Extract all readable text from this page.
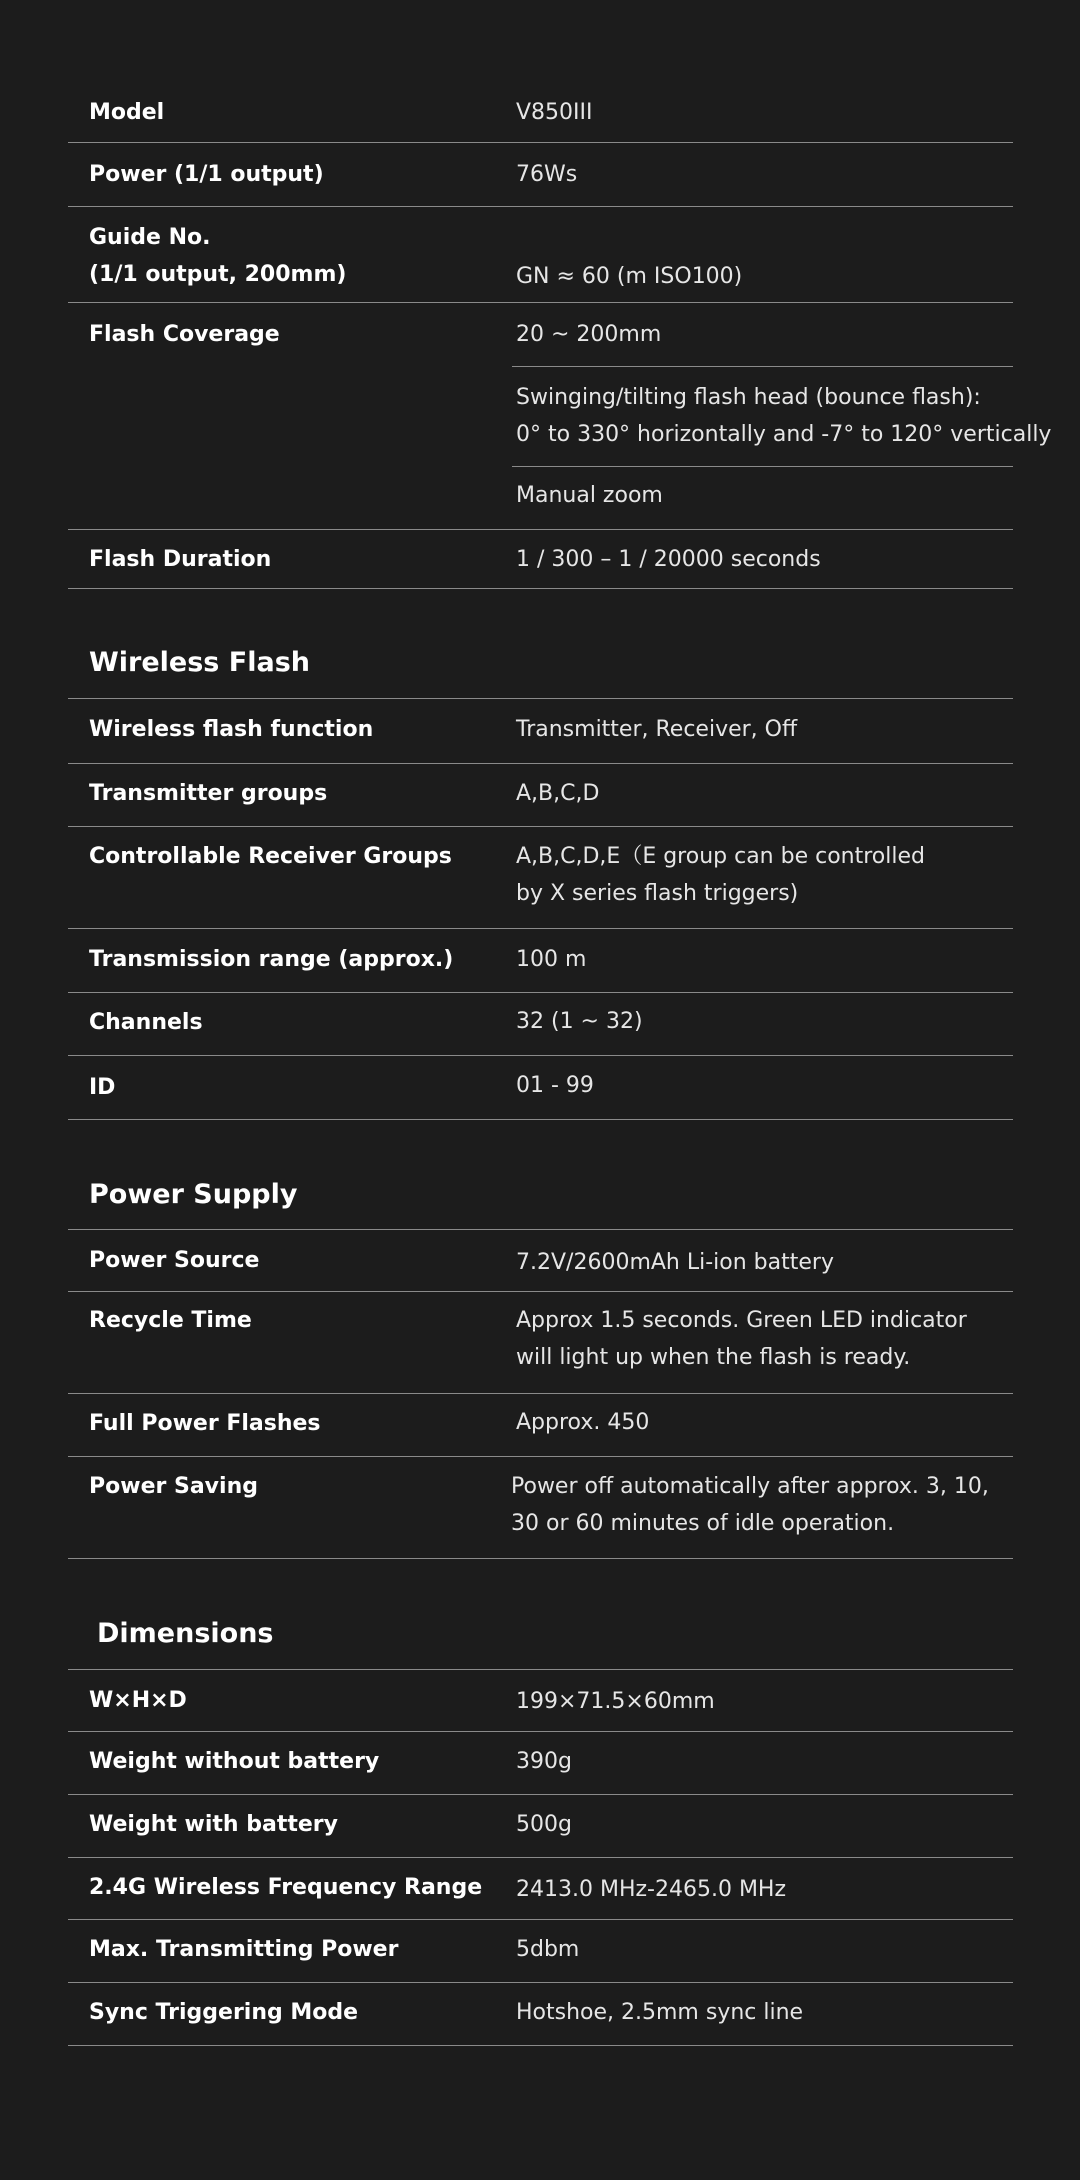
Model	V850III
Power (1/1 output)	76Ws
Guide No.
(1/1 output, 200mm)	GN ≈ 60 (m ISO100)
Flash Coverage	20 ~ 200mm
Swinging/tilting flash head (bounce flash):
0° to 330° horizontally and -7° to 120° vertically
Manual zoom
Flash Duration	1 / 300 – 1 / 20000 seconds
Wireless Flash
Wireless flash function	Transmitter, Receiver, Off
Transmitter groups	A,B,C,D
Controllable Receiver Groups	A,B,C,D,E（E group can be controlled
by X series flash triggers)
Transmission range (approx.)	100 m
Channels	32 (1 ~ 32)
ID	01 - 99
Power Supply
Power Source	7.2V/2600mAh Li-ion battery
Recycle Time	Approx 1.5 seconds. Green LED indicator
will light up when the flash is ready.
Full Power Flashes	Approx. 450
Power Saving	Power off automatically after approx. 3, 10,
30 or 60 minutes of idle operation.
Dimensions
W×H×D	199×71.5×60mm
Weight without battery	390g
Weight with battery	500g
2.4G Wireless Frequency Range 2413.0 MHz-2465.0 MHz
Max. Transmitting Power	5dbm
Sync Triggering Mode	Hotshoe, 2.5mm sync line
